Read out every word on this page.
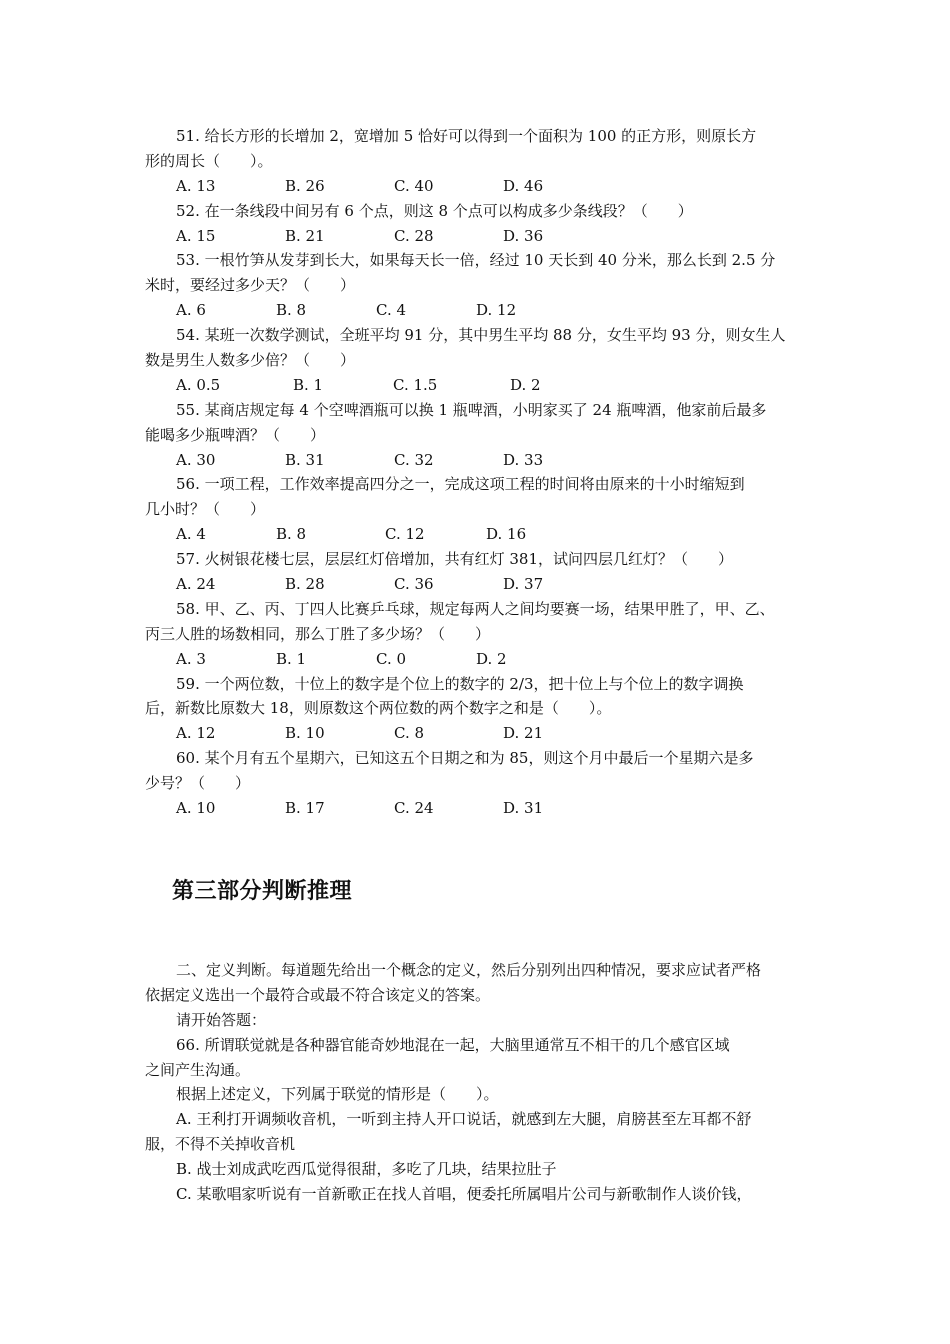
51. 给长方形的长增加 2，宽增加 5 恰好可以得到一个面积为 100 的正方形，则原长方
形的周长（　　）。
A. 13	B. 26	C. 40	D. 46
52. 在一条线段中间另有 6 个点，则这 8 个点可以构成多少条线段？（　　）
A. 15	B. 21	C. 28	D. 36
53. 一根竹笋从发芽到长大，如果每天长一倍，经过 10 天长到 40 分米，那么长到 2.5 分
米时，要经过多少天？（　　）
A. 6	B. 8	C. 4	D. 12
54. 某班一次数学测试，全班平均 91 分，其中男生平均 88 分，女生平均 93 分，则女生人
数是男生人数多少倍？（　　）
A. 0.5	B. 1	C. 1.5	D. 2
55. 某商店规定每 4 个空啤酒瓶可以换 1 瓶啤酒，小明家买了 24 瓶啤酒，他家前后最多
能喝多少瓶啤酒？（　　）
A. 30	B. 31	C. 32	D. 33
56. 一项工程，工作效率提高四分之一，完成这项工程的时间将由原来的十小时缩短到
几小时？（　　）
A. 4	B. 8	C. 12	D. 16
57. 火树银花楼七层，层层红灯倍增加，共有红灯 381，试问四层几红灯？（　　）
A. 24	B. 28	C. 36	D. 37
58. 甲、乙、丙、丁四人比赛乒乓球，规定每两人之间均要赛一场，结果甲胜了，甲、乙、
丙三人胜的场数相同，那么丁胜了多少场？（　　）
A. 3	B. 1	C. 0	D. 2
59. 一个两位数，十位上的数字是个位上的数字的 2/3，把十位上与个位上的数字调换
后，新数比原数大 18，则原数这个两位数的两个数字之和是（　　）。
A. 12	B. 10	C. 8	D. 21
60. 某个月有五个星期六，已知这五个日期之和为 85，则这个月中最后一个星期六是多
少号？（　　）
A. 10	B. 17	C. 24	D. 31
第三部分判断推理
二、定义判断。每道题先给出一个概念的定义，然后分别列出四种情况，要求应试者严格
依据定义选出一个最符合或最不符合该定义的答案。
请开始答题：
66. 所谓联觉就是各种器官能奇妙地混在一起，大脑里通常互不相干的几个感官区域
之间产生沟通。
根据上述定义，下列属于联觉的情形是（　　）。
A. 王利打开调频收音机，一听到主持人开口说话，就感到左大腿，肩膀甚至左耳都不舒
服，不得不关掉收音机
B. 战士刘成武吃西瓜觉得很甜，多吃了几块，结果拉肚子
C. 某歌唱家听说有一首新歌正在找人首唱，便委托所属唱片公司与新歌制作人谈价钱，
